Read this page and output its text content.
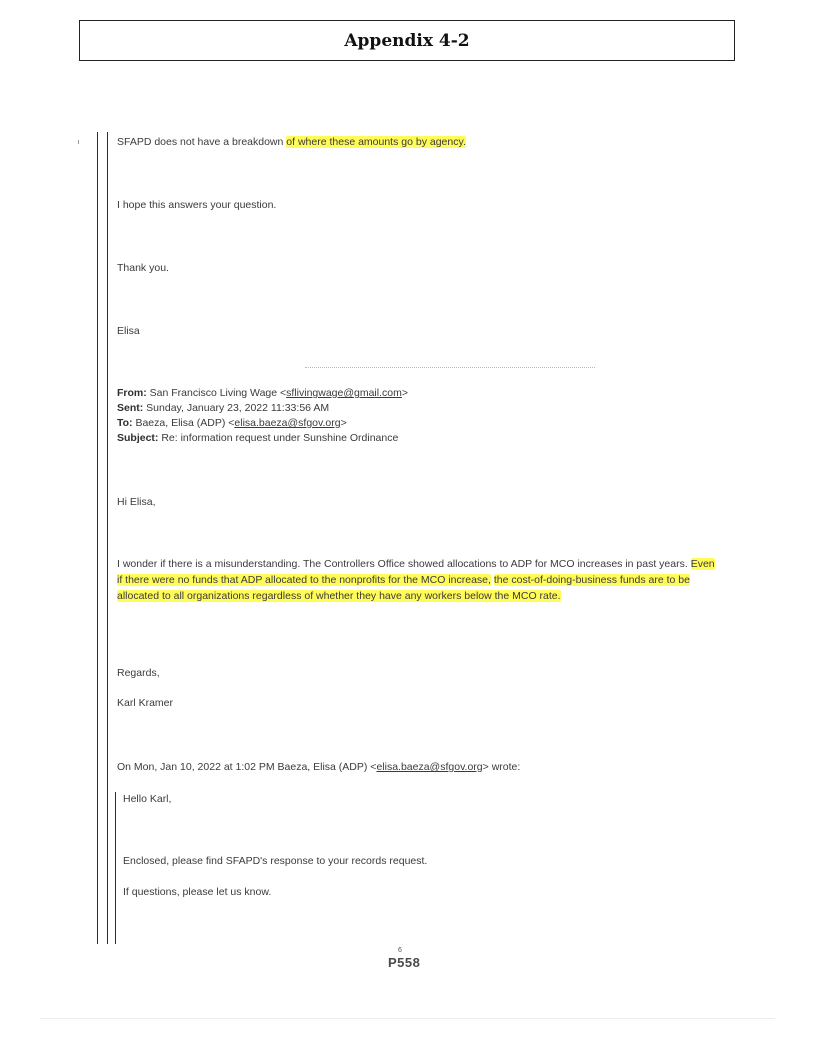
Appendix 4-2
SFAPD does not have a breakdown of where these amounts go by agency.
I hope this answers your question.
Thank you.
Elisa
From: San Francisco Living Wage <sflivingwage@gmail.com>
Sent: Sunday, January 23, 2022 11:33:56 AM
To: Baeza, Elisa (ADP) <elisa.baeza@sfgov.org>
Subject: Re: information request under Sunshine Ordinance
Hi Elisa,
I wonder if there is a misunderstanding. The Controllers Office showed allocations to ADP for MCO increases in past years. Even if there were no funds that ADP allocated to the nonprofits for the MCO increase, the cost-of-doing-business funds are to be allocated to all organizations regardless of whether they have any workers below the MCO rate.
Regards,
Karl Kramer
On Mon, Jan 10, 2022 at 1:02 PM Baeza, Elisa (ADP) <elisa.baeza@sfgov.org> wrote:
Hello Karl,
Enclosed, please find SFAPD's response to your records request.
If questions, please let us know.
6
P558
